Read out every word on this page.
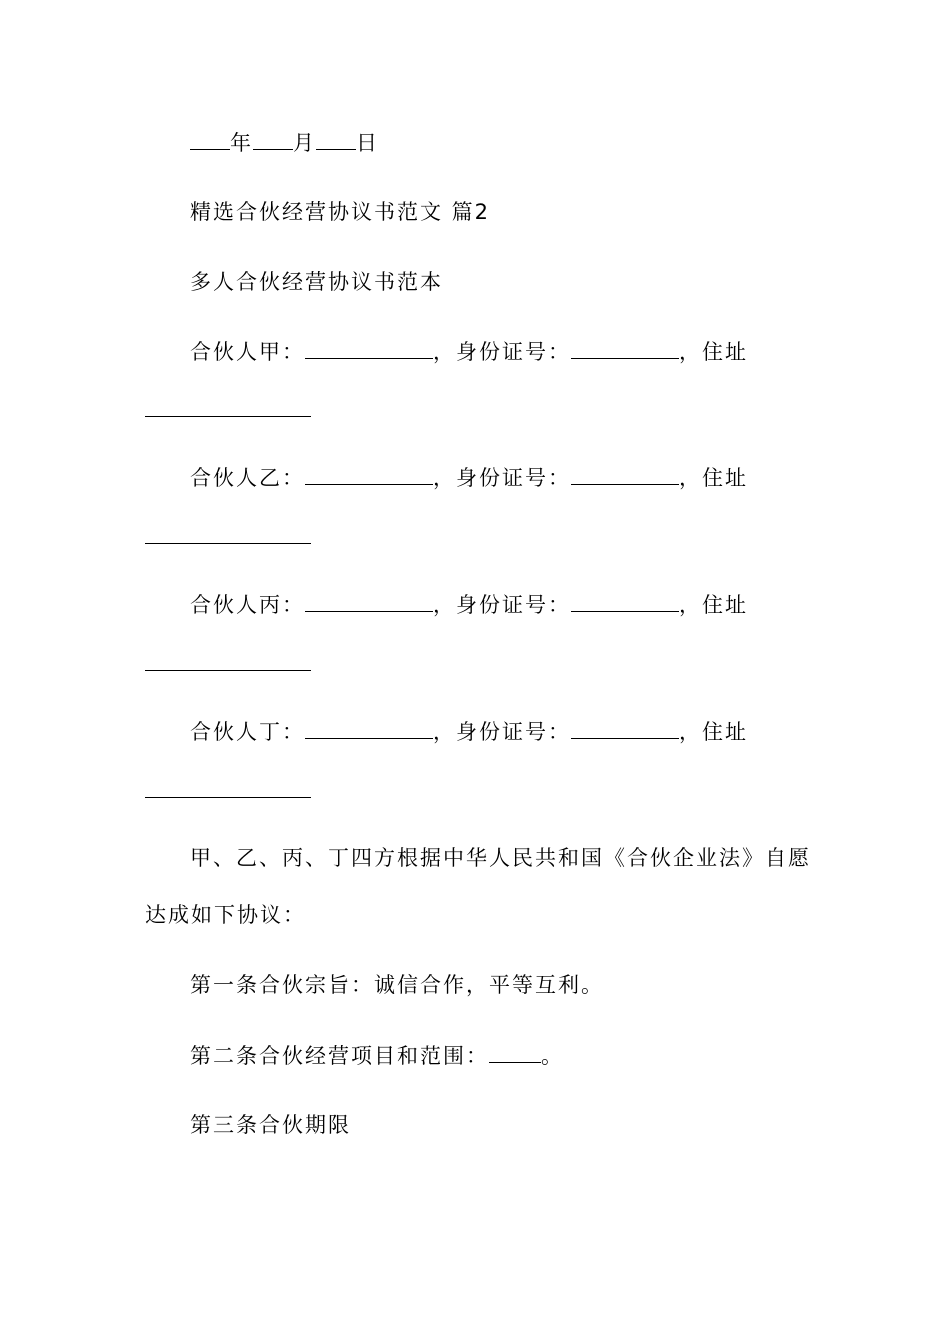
年 月 日
精选合伙经营协议书范文 篇2
多人合伙经营协议书范本
合伙人甲：	，身份证号：	，住址
合伙人乙：	，身份证号：	，住址
合伙人丙：	，身份证号：	，住址
合伙人丁：	，身份证号：	，住址
甲、乙、丙、丁四方根据中华人民共和国《合伙企业法》自愿
达成如下协议：
第一条合伙宗旨：诚信合作，平等互利。
第二条合伙经营项目和范围： 。
第三条合伙期限
